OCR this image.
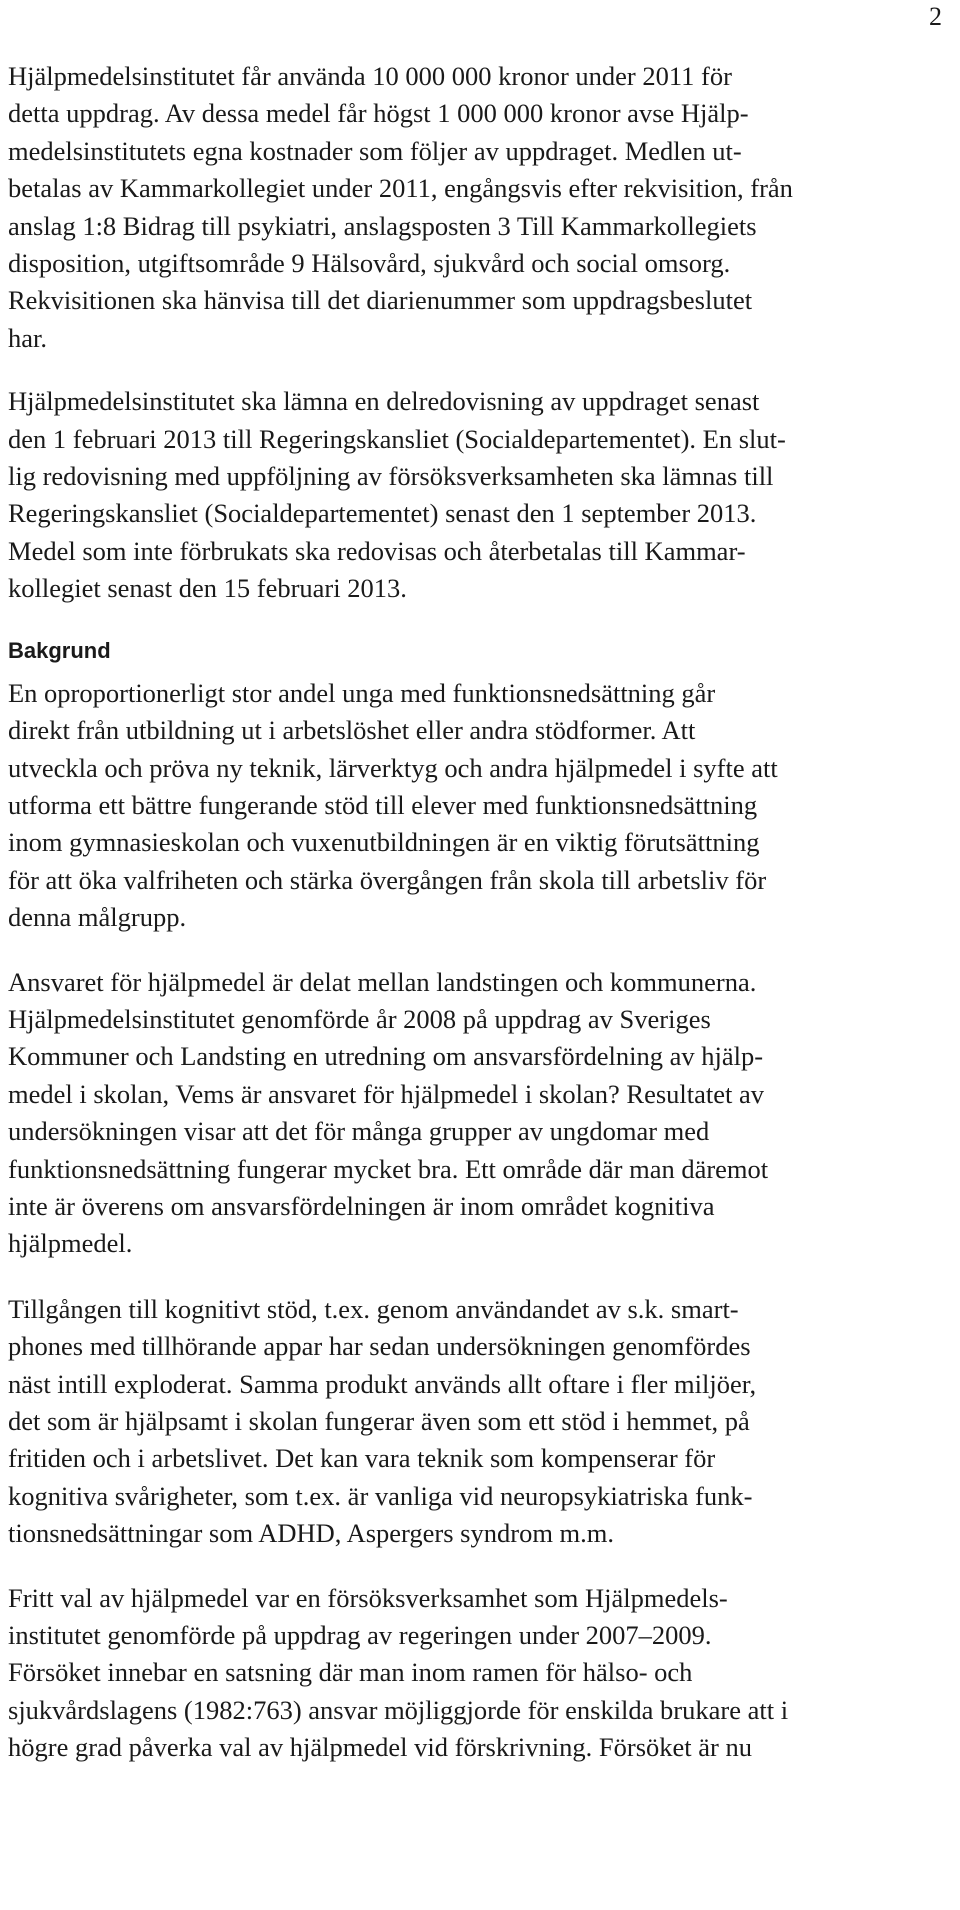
2
Hjälpmedelsinstitutet får använda 10 000 000 kronor under 2011 för
detta uppdrag. Av dessa medel får högst 1 000 000 kronor avse Hjälp-
medelsinstitutets egna kostnader som följer av uppdraget. Medlen ut-
betalas av Kammarkollegiet under 2011, engångsvis efter rekvisition, från
anslag 1:8 Bidrag till psykiatri, anslagsposten 3 Till Kammarkollegiets
disposition, utgiftsområde 9 Hälsovård, sjukvård och social omsorg.
Rekvisitionen ska hänvisa till det diarienummer som uppdragsbeslutet
har.
Hjälpmedelsinstitutet ska lämna en delredovisning av uppdraget senast
den 1 februari 2013 till Regeringskansliet (Socialdepartementet). En slut-
lig redovisning med uppföljning av försöksverksamheten ska lämnas till
Regeringskansliet (Socialdepartementet) senast den 1 september 2013.
Medel som inte förbrukats ska redovisas och återbetalas till Kammar-
kollegiet senast den 15 februari 2013.
Bakgrund
En oproportionerligt stor andel unga med funktionsnedsättning går
direkt från utbildning ut i arbetslöshet eller andra stödformer. Att
utveckla och pröva ny teknik, lärverktyg och andra hjälpmedel i syfte att
utforma ett bättre fungerande stöd till elever med funktionsnedsättning
inom gymnasieskolan och vuxenutbildningen är en viktig förutsättning
för att öka valfriheten och stärka övergången från skola till arbetsliv för
denna målgrupp.
Ansvaret för hjälpmedel är delat mellan landstingen och kommunerna.
Hjälpmedelsinstitutet genomförde år 2008 på uppdrag av Sveriges
Kommuner och Landsting en utredning om ansvarsfördelning av hjälp-
medel i skolan, Vems är ansvaret för hjälpmedel i skolan? Resultatet av
undersökningen visar att det för många grupper av ungdomar med
funktionsnedsättning fungerar mycket bra. Ett område där man däremot
inte är överens om ansvarsfördelningen är inom området kognitiva
hjälpmedel.
Tillgången till kognitivt stöd, t.ex. genom användandet av s.k. smart-
phones med tillhörande appar har sedan undersökningen genomfördes
näst intill exploderat. Samma produkt används allt oftare i fler miljöer,
det som är hjälpsamt i skolan fungerar även som ett stöd i hemmet, på
fritiden och i arbetslivet. Det kan vara teknik som kompenserar för
kognitiva svårigheter, som t.ex. är vanliga vid neuropsykiatriska funk-
tionsnedsättningar som ADHD, Aspergers syndrom m.m.
Fritt val av hjälpmedel var en försöksverksamhet som Hjälpmedels-
institutet genomförde på uppdrag av regeringen under 2007–2009.
Försöket innebar en satsning där man inom ramen för hälso- och
sjukvårdslagens (1982:763) ansvar möjliggjorde för enskilda brukare att i
högre grad påverka val av hjälpmedel vid förskrivning. Försöket är nu
